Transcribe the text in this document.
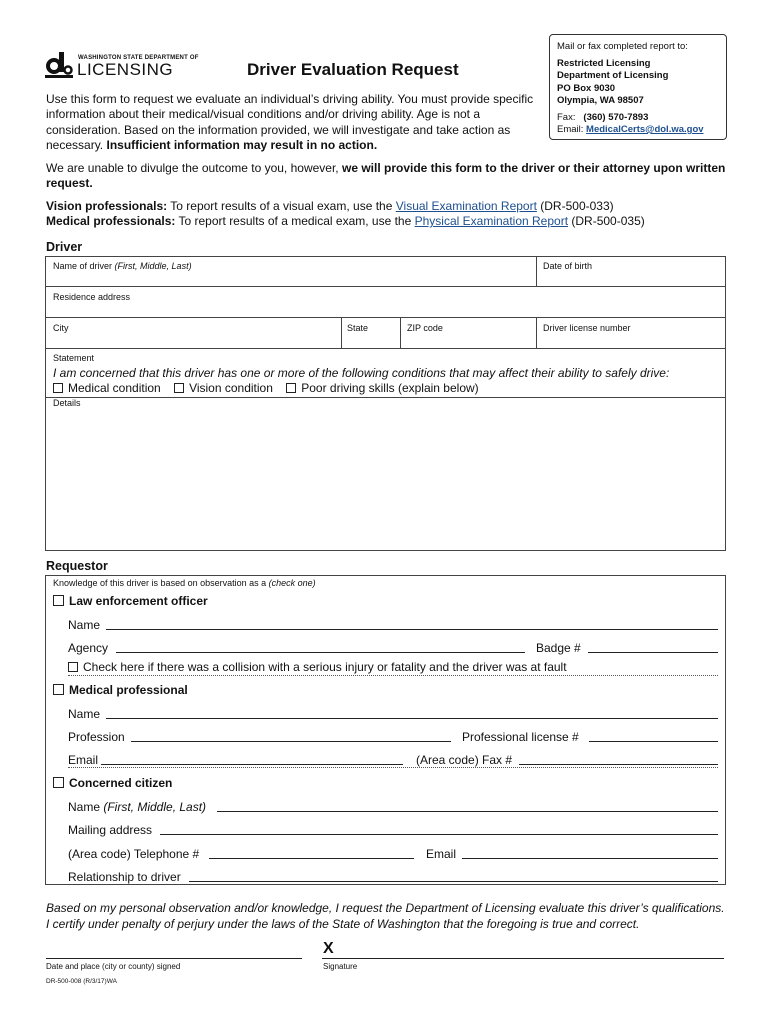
WASHINGTON STATE DEPARTMENT OF
LICENSING	Driver Evaluation Request
Mail or fax completed report to:
Restricted Licensing
Department of Licensing
PO Box 9030
Olympia, WA 98507
Fax: (360) 570-7893
Email: MedicalCerts@dol.wa.gov
Use this form to request we evaluate an individual’s driving ability. You must provide specific information about their medical/visual conditions and/or driving ability. Age is not a consideration. Based on the information provided, we will investigate and take action as necessary. Insufficient information may result in no action.
We are unable to divulge the outcome to you, however, we will provide this form to the driver or their attorney upon written request.
Vision professionals: To report results of a visual exam, use the Visual Examination Report (DR-500-033)
Medical professionals: To report results of a medical exam, use the Physical Examination Report (DR-500-035)
Driver
Name of driver (First, Middle, Last)	Date of birth
Residence address
City	State	ZIP code	Driver license number
Statement
I am concerned that this driver has one or more of the following conditions that may affect their ability to safely drive:
Medical condition Vision condition Poor driving skills (explain below)
Details
Requestor
Knowledge of this driver is based on observation as a (check one)
Law enforcement officer
Name
Agency	Badge #
Check here if there was a collision with a serious injury or fatality and the driver was at fault
Medical professional
Name
Profession	Professional license #
Email	(Area code) Fax #
Concerned citizen
Name (First, Middle, Last)
Mailing address
(Area code) Telephone #	Email
Relationship to driver
Based on my personal observation and/or knowledge, I request the Department of Licensing evaluate this driver’s qualifications.
I certify under penalty of perjury under the laws of the State of Washington that the foregoing is true and correct.
X
Date and place (city or county) signed	Signature
DR-500-008 (R/3/17)WA
